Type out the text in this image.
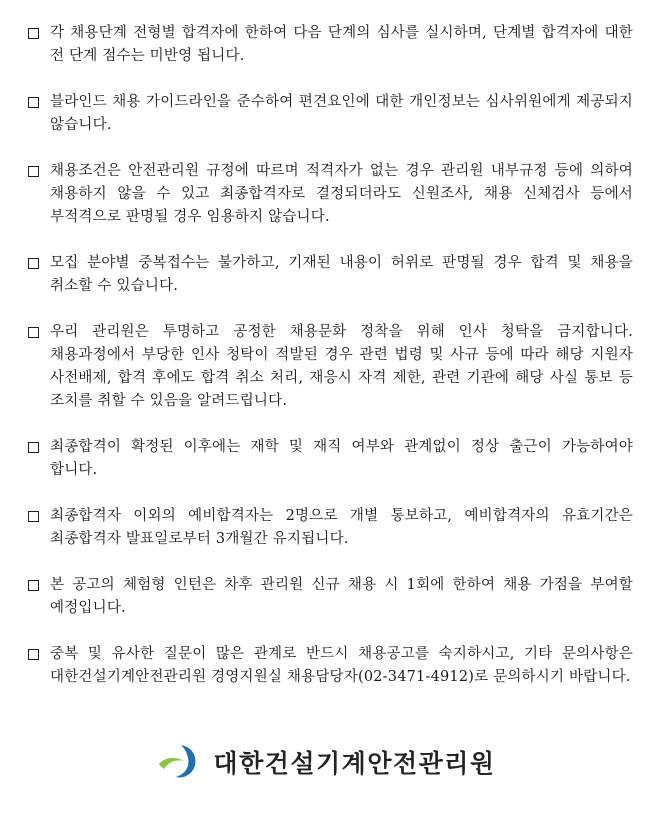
각 채용단계 전형별 합격자에 한하여 다음 단계의 심사를 실시하며, 단계별 합격자에 대한 전 단계 점수는 미반영 됩니다.
블라인드 채용 가이드라인을 준수하여 편견요인에 대한 개인정보는 심사위원에게 제공되지 않습니다.
채용조건은 안전관리원 규정에 따르며 적격자가 없는 경우 관리원 내부규정 등에 의하여 채용하지 않을 수 있고 최종합격자로 결정되더라도 신원조사, 채용 신체검사 등에서 부적격으로 판명될 경우 임용하지 않습니다.
모집 분야별 중복접수는 불가하고, 기재된 내용이 허위로 판명될 경우 합격 및 채용을 취소할 수 있습니다.
우리 관리원은 투명하고 공정한 채용문화 정착을 위해 인사 청탁을 금지합니다. 채용과정에서 부당한 인사 청탁이 적발된 경우 관련 법령 및 사규 등에 따라 해당 지원자 사전배제, 합격 후에도 합격 취소 처리, 재응시 자격 제한, 관련 기관에 해당 사실 통보 등 조치를 취할 수 있음을 알려드립니다.
최종합격이 확정된 이후에는 재학 및 재직 여부와 관계없이 정상 출근이 가능하여야 합니다.
최종합격자 이외의 예비합격자는 2명으로 개별 통보하고, 예비합격자의 유효기간은 최종합격자 발표일로부터 3개월간 유지됩니다.
본 공고의 체험형 인턴은 차후 관리원 신규 채용 시 1회에 한하여 채용 가점을 부여할 예정입니다.
중복 및 유사한 질문이 많은 관계로 반드시 채용공고를 숙지하시고, 기타 문의사항은 대한건설기계안전관리원 경영지원실 채용담당자(02-3471-4912)로 문의하시기 바랍니다.
대한건설기계안전관리원
